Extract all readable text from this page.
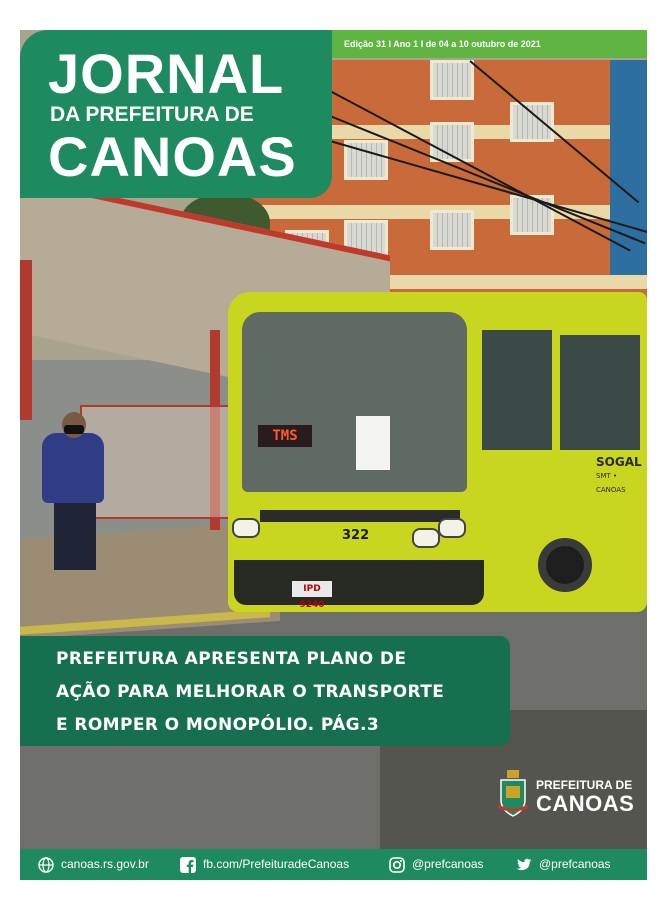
TMS
322
IPD 9240
SOGAL
SMT • CANOAS
JORNAL
DA PREFEITURA DE
CANOAS
Edição 31 I Ano 1 I de 04 a 10 outubro de 2021
PREFEITURA APRESENTA PLANO DE
AÇÃO PARA MELHORAR O TRANSPORTE
E ROMPER O MONOPÓLIO. PÁG.3
PREFEITURA DE
CANOAS
canoas.rs.gov.br	fb.com/PrefeituradeCanoas	@prefcanoas	@prefcanoas
